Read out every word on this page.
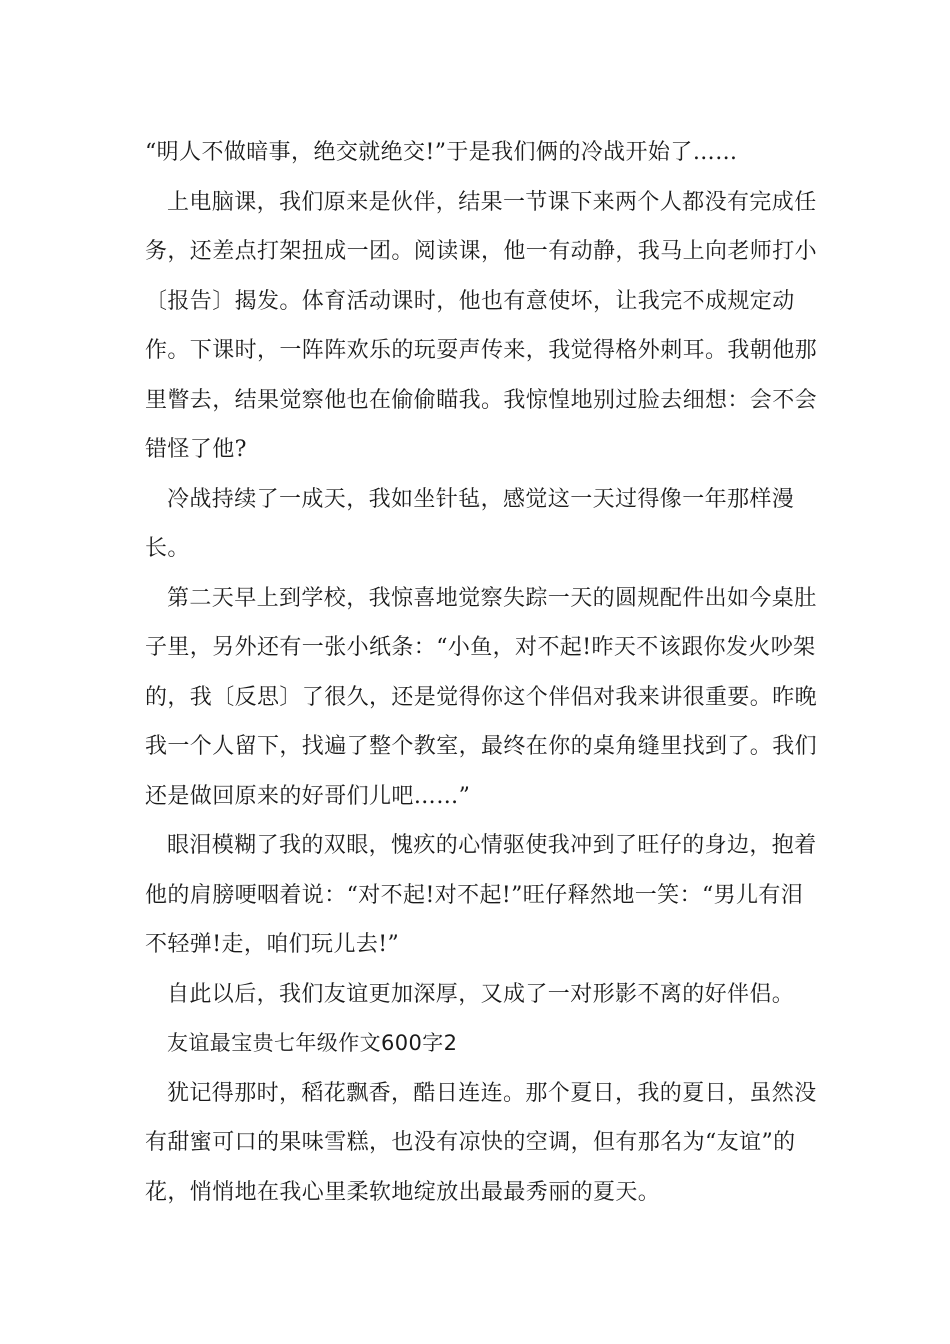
“明人不做暗事，绝交就绝交!”于是我们俩的冷战开始了……

上电脑课，我们原来是伙伴，结果一节课下来两个人都没有完成任务，还差点打架扭成一团。阅读课，他一有动静，我马上向老师打小〔报告〕揭发。体育活动课时，他也有意使坏，让我完不成规定动作。下课时，一阵阵欢乐的玩耍声传来，我觉得格外刺耳。我朝他那里瞥去，结果觉察他也在偷偷瞄我。我惊惶地别过脸去细想：会不会错怪了他?

冷战持续了一成天，我如坐针毡，感觉这一天过得像一年那样漫长。

第二天早上到学校，我惊喜地觉察失踪一天的圆规配件出如今桌肚子里，另外还有一张小纸条：“小鱼，对不起!昨天不该跟你发火吵架的，我〔反思〕了很久，还是觉得你这个伴侣对我来讲很重要。昨晚我一个人留下，找遍了整个教室，最终在你的桌角缝里找到了。我们还是做回原来的好哥们儿吧……”

眼泪模糊了我的双眼，愧疚的心情驱使我冲到了旺仔的身边，抱着他的肩膀哽咽着说：“对不起!对不起!”旺仔释然地一笑：“男儿有泪不轻弹!走，咱们玩儿去!”

自此以后，我们友谊更加深厚，又成了一对形影不离的好伴侣。

友谊最宝贵七年级作文600字2

犹记得那时，稻花飘香，酷日连连。那个夏日，我的夏日，虽然没有甜蜜可口的果味雪糕，也没有凉快的空调，但有那名为“友谊”的花，悄悄地在我心里柔软地绽放出最最秀丽的夏天。
